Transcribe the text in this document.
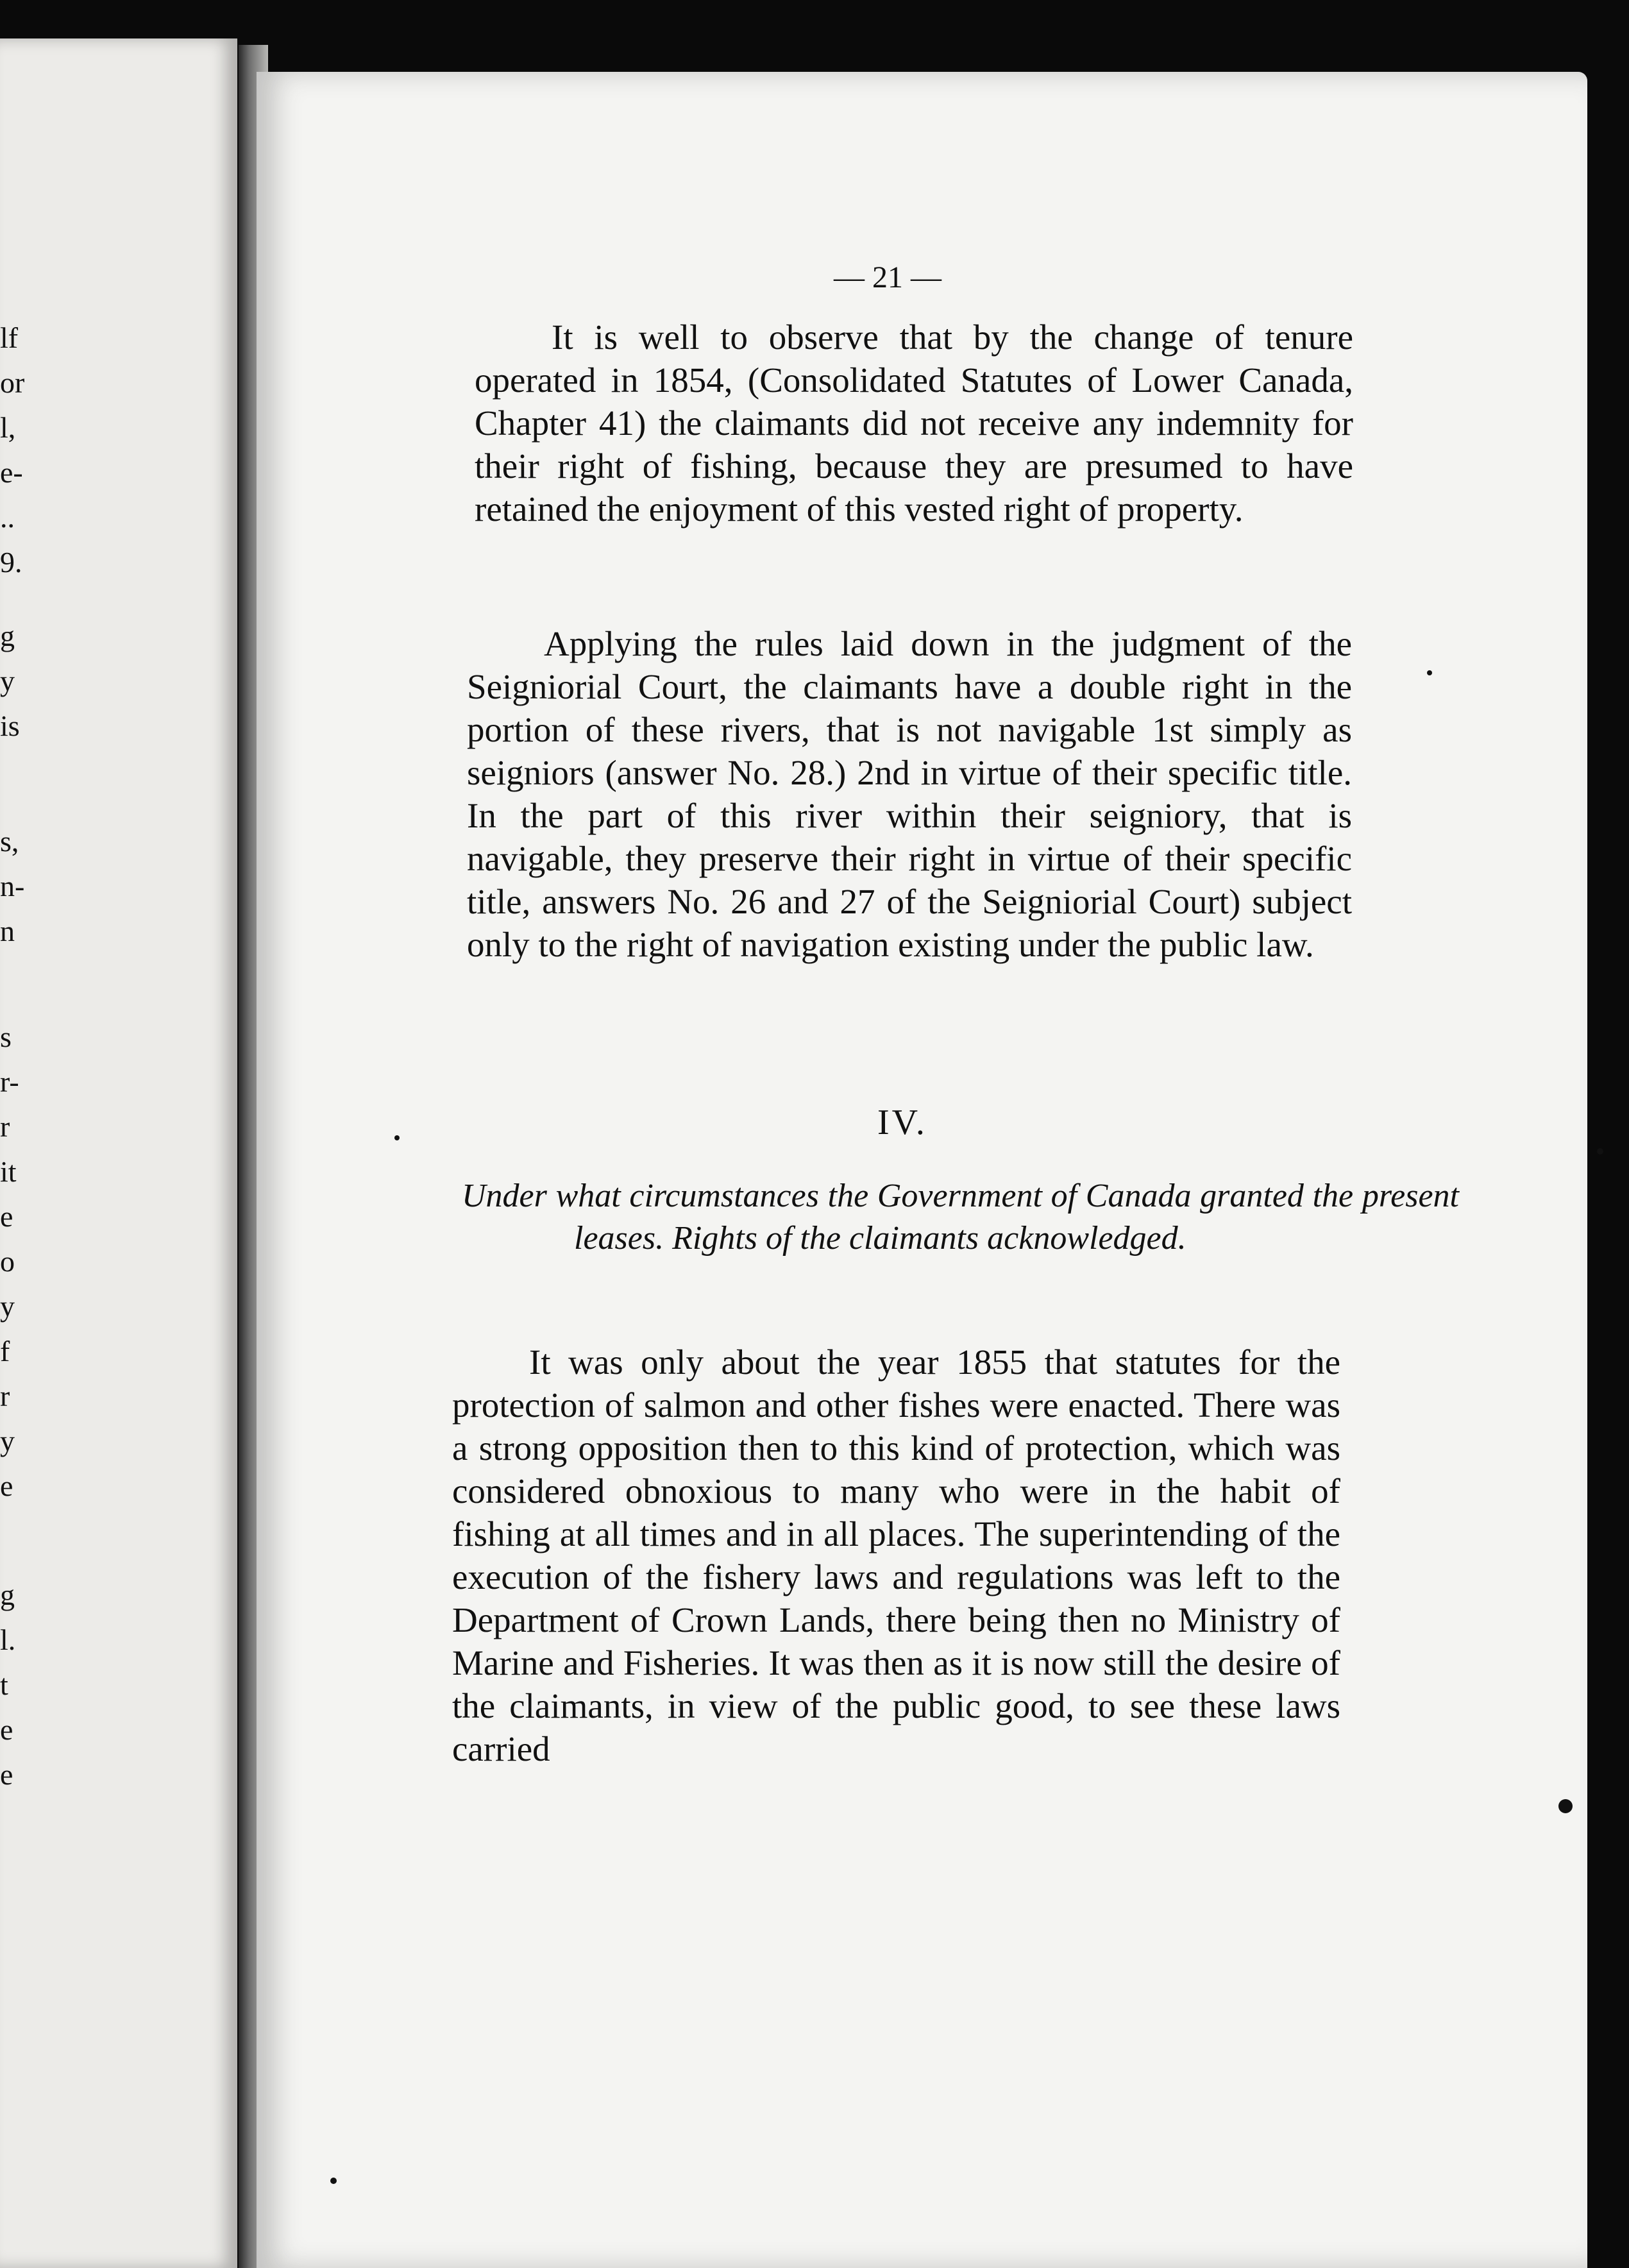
lf
or
l,
e-
..
9.
g
y
is
s,
n-
n
s
r-
r
it
e
o
y
f
r
y
e
g
l.
t
e
e
— 21 —

It is well to observe that by the change of tenure operated in 1854, (Consolidated Statutes of Lower Canada, Chapter 41) the claimants did not receive any indemnity for their right of fishing, because they are presumed to have retained the enjoyment of this vested right of property.

Applying the rules laid down in the judgment of the Seigniorial Court, the claimants have a double right in the portion of these rivers, that is not navigable 1st simply as seigniors (answer No. 28.) 2nd in virtue of their specific title. In the part of this river within their seigniory, that is navigable, they preserve their right in virtue of their specific title, answers No. 26 and 27 of the Seigniorial Court) subject only to the right of navigation existing under the public law.

IV.

Under what circumstances the Government of Canada granted the present leases. Rights of the claimants acknowledged.

It was only about the year 1855 that statutes for the protection of salmon and other fishes were enacted. There was a strong opposition then to this kind of protection, which was considered obnoxious to many who were in the habit of fishing at all times and in all places. The superintending of the execution of the fishery laws and regulations was left to the Department of Crown Lands, there being then no Ministry of Marine and Fisheries. It was then as it is now still the desire of the claimants, in view of the public good, to see these laws carried
